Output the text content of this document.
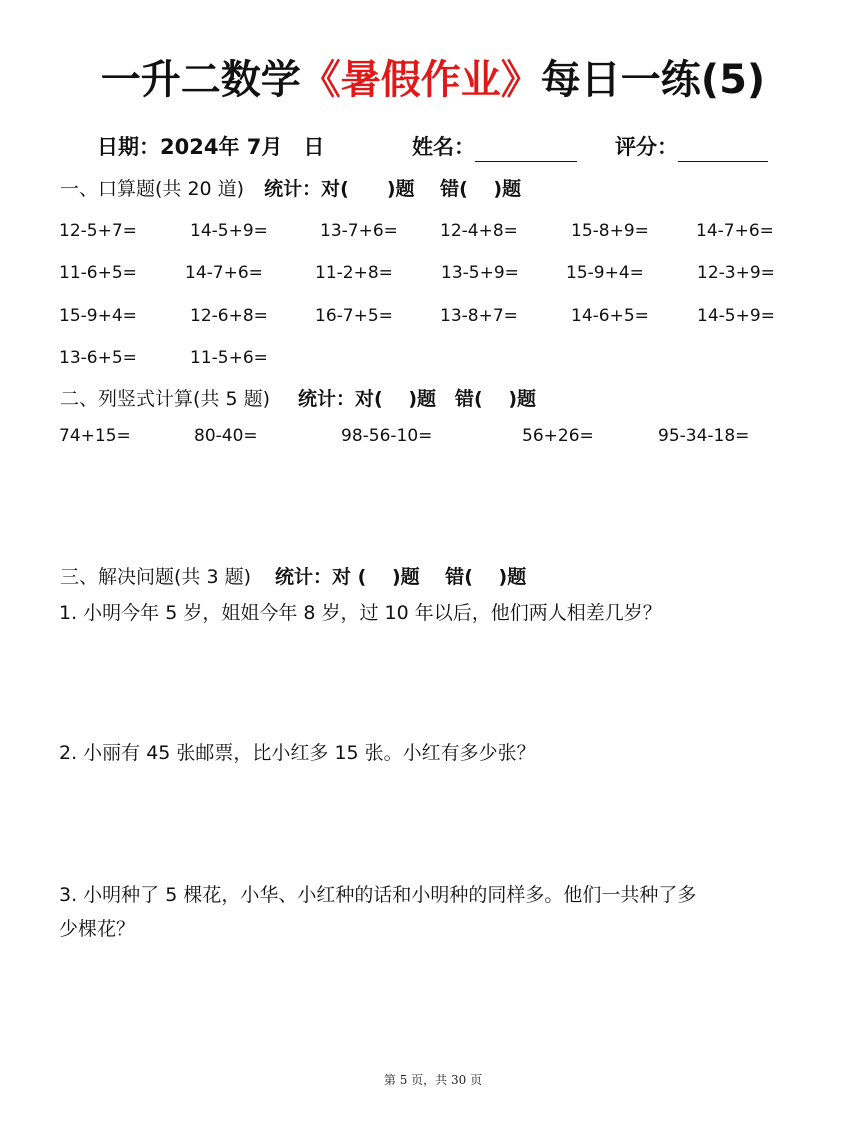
一升二数学《暑假作业》每日一练(5)
日期：2024年 7月　日	姓名：	评分：
一、口算题(共 20 道) 统计：对(　　)题　 错(　 )题
12-5+7=	14-5+9=	13-7+6= 12-4+8=	15-8+9=	14-7+6=
11-6+5=	14-7+6=	11-2+8=	13-5+9=	15-9+4=	12-3+9=
15-9+4=	12-6+8=	16-7+5=	13-8+7=	14-6+5=	14-5+9=
13-6+5=	11-5+6=
二、列竖式计算(共 5 题) 统计：对(　 )题　错(　 )题
74+15=	80-40=	98-56-10=	56+26=	95-34-18=
三、解决问题(共 3 题) 统计：对 (　 )题　 错(　 )题
1. 小明今年 5 岁，姐姐今年 8 岁，过 10 年以后，他们两人相差几岁？
2. 小丽有 45 张邮票，比小红多 15 张。小红有多少张？
3. 小明种了 5 棵花，小华、小红种的话和小明种的同样多。他们一共种了多
少棵花？
第 5 页，共 30 页
